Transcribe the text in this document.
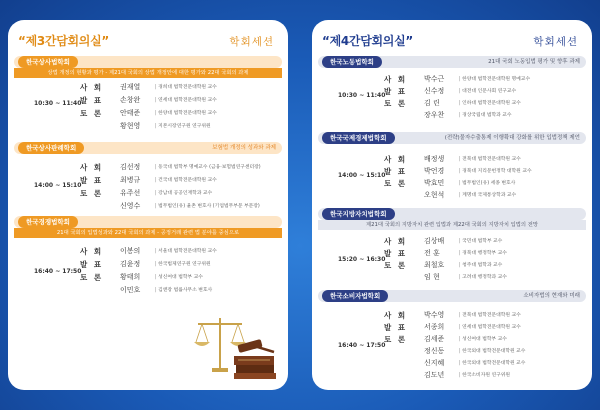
“제3간담회의실”	학회세션
한국상사법학회
상법 개정의 현황과 평가 - 제21대 국회의 상법 개정안에 대한 평가와 22대 국회의 과제
10:30 ~ 11:40
사 회	권재열	| 경희대 법학전문대학원 교수
발 표	손창완	| 연세대 법학전문대학원 교수
토 론	안태준	| 한양대 법학전문대학원 교수
황현영	| 지본시장연구원 연구위원
한국상사판례학회	보험법 개정의 성과와 과제
14:00 ~ 15:10
사 회	김선정	| 동국대 법학부 명예교수 (금융·보험법연구센터장)
발 표	최병규	| 건국대 법학전문대학원 교수
토 론	유주선	| 강남대 공공인재학과 교수
신영수	| 법무법인(유) 율촌 변호사 (기업법무부문 부문장)
한국경쟁법학회
21대 국회의 입법성과와 22대 국회의 과제 - 공정거래 관련 법 분야를 중심으로
16:40 ~ 17:50
사 회	이봉의	| 서울대 법학전문대학원 교수
발 표	김윤정	| 한국법제연구원 연구위원
토 론	황태희	| 성신여대 법학부 교수
이민호	| 김앤장 법률사무소 변호사
“제4간담회의실”	학회세션
한국노동법학회	21대 국회 노동입법 평가 및 향후 과제
10:30 ~ 11:40
사 회	박수근	| 한양대 법학전문대학원 명예교수
발 표	신수정	| 대전대 인문사회 연구교수
토 론	김 린	| 인하대 법학전문대학원 교수
장우찬	| 경상국립대 법학과 교수
한국국제경제법학회	(전략)물자수출통제 이행확대 강화를 위한 입법정책 제언
14:00 ~ 15:10
사 회	배정생	| 전북대 법학전문대학원 교수
발 표	박언경	| 경북대 지리문헌정학 대학원 교수
토 론	박효민	| 법무법인(유) 세종 변호사
오현석	| 계명대 국제통상학과 교수
한국지방자치법학회
제21대 국회의 지방자치 관련 입법과 제22대 국회의 지방자치 입법의 전망
15:20 ~ 16:30
사 회	김상배	| 국민대 법학부 교수
발 표	전 훈	| 경북대 행정학부 교수
토 론	최철호	| 청주대 법학과 교수
임 현	| 고려대 행정학과 교수
한국소비자법학회	소비자법의 현재와 미래
16:40 ~ 17:50
사 회	박수영	| 전북대 법학전문대학원 교수
발 표	서종희	| 연세대 법학전문대학원 교수
토 론	김세준	| 성신여대 법학부 교수
정신동	| 한국외대 법학전문대학원 교수
신지혜	| 한국외대 법학전문대학원 교수
김도년	| 한국소비자원 연구위원
